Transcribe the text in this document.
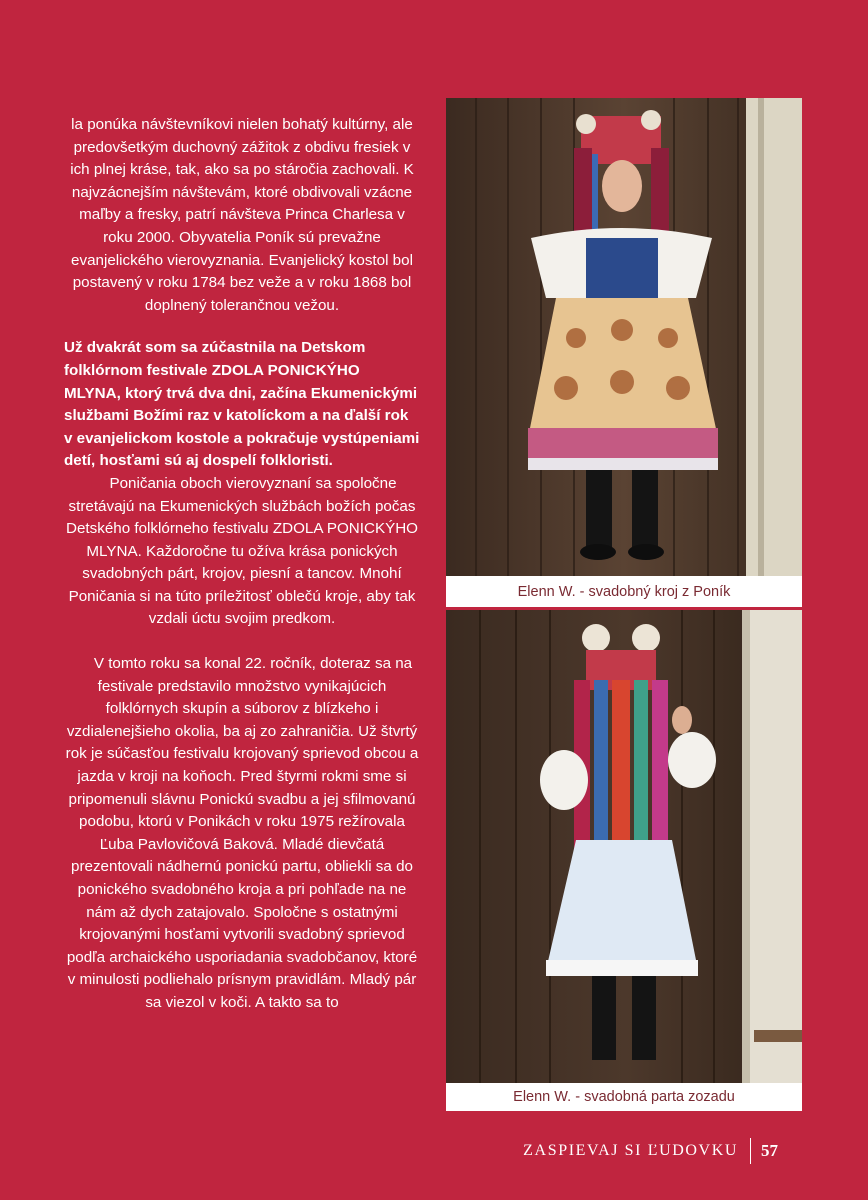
la ponúka návštevníkovi nielen bohatý kultúrny, ale predovšetkým duchovný zážitok z obdivu fresiek v ich plnej kráse, tak, ako sa po stáročia zachovali. K najvzácnejším návštevám, ktoré obdivovali vzácne maľby a fresky, patrí návšteva Princa Charlesa v roku 2000. Obyvatelia Poník sú prevažne evanjelického vierovyznania. Evanjelický kostol bol postavený v roku 1784 bez veže a v roku 1868 bol doplnený tolerančnou vežou.

Už dvakrát som sa zúčastnila na Detskom folklórnom festivale ZDOLA PONICKÝHO MLYNA, ktorý trvá dva dni, začína Ekumenickými službami Božími raz v katolíckom a na ďalší rok v evanjelickom kostole a pokračuje vystúpeniami detí, hosťami sú aj dospelí folkloristi.

Poničania oboch vierovyznaní sa spoločne stretávajú na Ekumenických službách božích počas Detského folklórneho festivalu ZDOLA PONICKÝHO MLYNA. Každoročne tu ožíva krása ponických svadobných párt, krojov, piesní a tancov. Mnohí Poničania si na túto príležitosť oblečú kroje, aby tak vzdali úctu svojim predkom.

V tomto roku sa konal 22. ročník, doteraz sa na festivale predstavilo množstvo vynikajúcich folklórnych skupín a súborov z blízkeho i vzdialenejšieho okolia, ba aj zo zahraničia. Už štvrtý rok je súčasťou festivalu krojovaný sprievod obcou a jazda v kroji na koňoch. Pred štyrmi rokmi sme si pripomenuli slávnu Ponickú svadbu a jej sfilmovanú podobu, ktorú v Ponikách v roku 1975 režírovala Ľuba Pavlovičová Baková. Mladé dievčatá prezentovali nádhernú ponickú partu, obliekli sa do ponického svadobného kroja a pri pohľade na ne nám až dych zatajovalo. Spoločne s ostatnými krojovanými hosťami vytvorili svadobný sprievod podľa archaického usporiadania svadobčanov, ktoré v minulosti podliehalo prísnym pravidlám. Mladý pár sa viezol v koči. A takto sa to

Elenn W. - svadobný kroj z Poník
Elenn W. - svadobná parta zozadu
ZASPIEVAJ SI ĽUDOVKU 57
